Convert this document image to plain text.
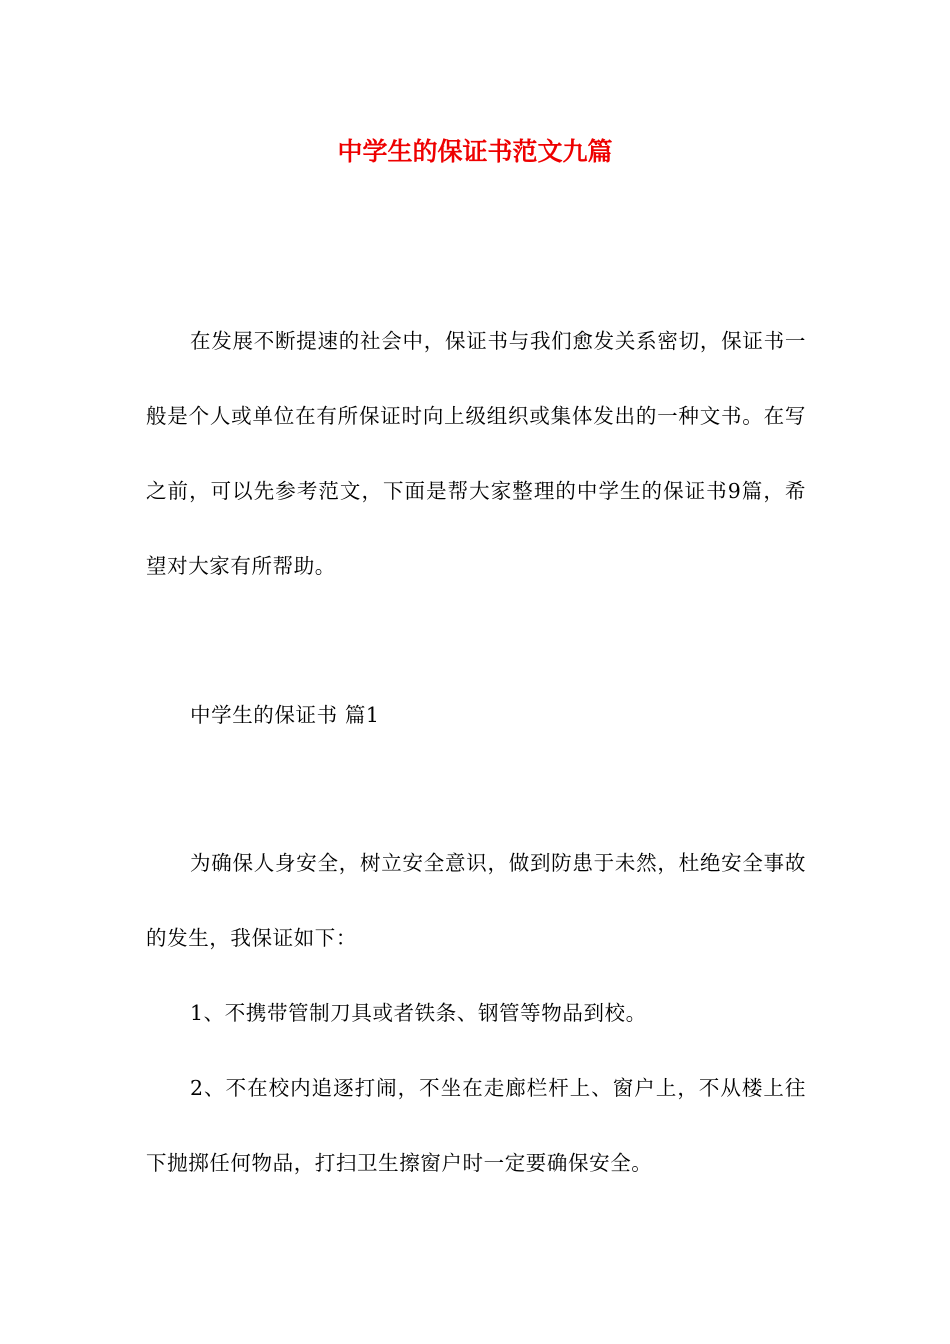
中学生的保证书范文九篇

在发展不断提速的社会中，保证书与我们愈发关系密切，保证书一般是个人或单位在有所保证时向上级组织或集体发出的一种文书。在写之前，可以先参考范文，下面是帮大家整理的中学生的保证书9篇，希望对大家有所帮助。

中学生的保证书 篇1

为确保人身安全，树立安全意识，做到防患于未然，杜绝安全事故的发生，我保证如下：

1、不携带管制刀具或者铁条、钢管等物品到校。

2、不在校内追逐打闹，不坐在走廊栏杆上、窗户上，不从楼上往下抛掷任何物品，打扫卫生擦窗户时一定要确保安全。
